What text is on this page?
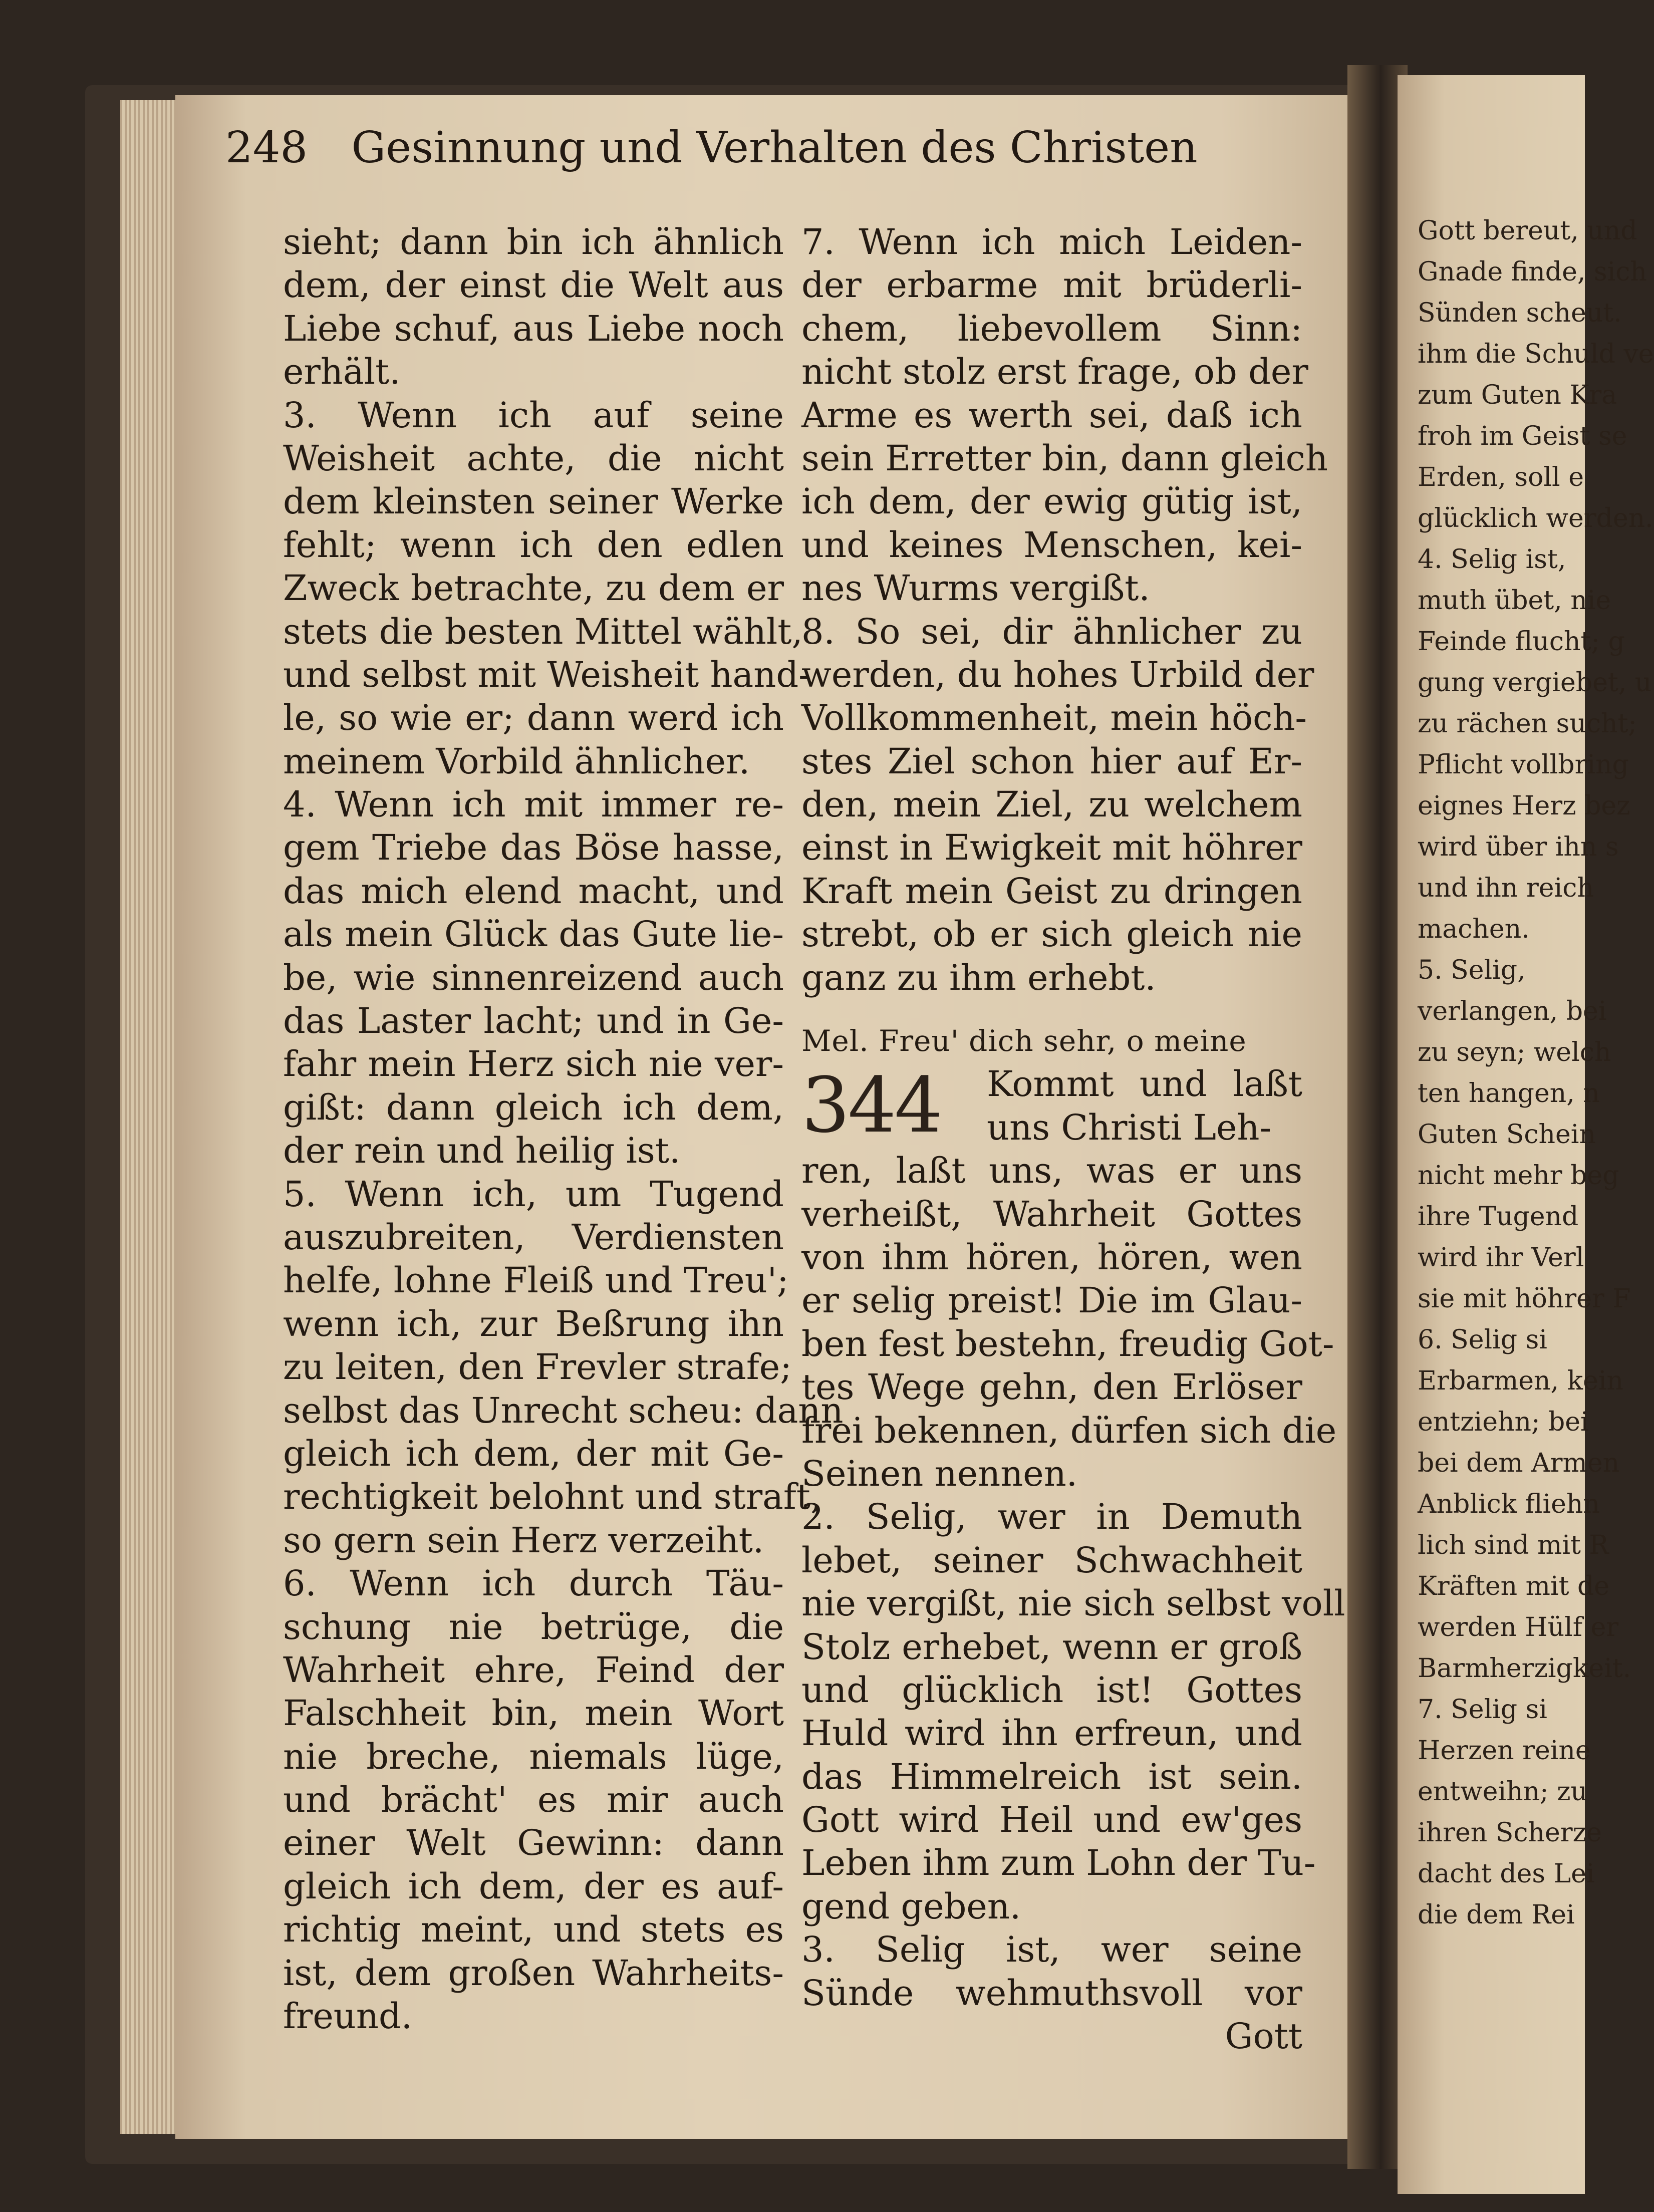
Gott bereut, und
Gnade finde, sich
Sünden scheut.
ihm die Schuld ve
zum Guten Kra
froh im Geist se
Erden, soll e
glücklich werden.
4. Selig ist,
muth übet, nie
Feinde flucht; g
gung vergiebet, u
zu rächen sucht;
Pflicht vollbring
eignes Herz bez
wird über ihn s
und ihn reich
machen.
5. Selig,
verlangen, bei
zu seyn; welch
ten hangen, n
Guten Schein
nicht mehr beg
ihre Tugend
wird ihr Verl
sie mit höhrer F
6. Selig si
Erbarmen, kein
entziehn; bei
bei dem Armen
Anblick fliehn
lich sind mit R
Kräften mit de
werden Hülf er
Barmherzigkeit.
7. Selig si
Herzen reine
entweihn; zu
ihren Scherze
dacht des Lei
die dem Rei
248 Gesinnung und Verhalten des Christen
sieht; dann bin ich ähnlich
dem, der einst die Welt aus
Liebe schuf, aus Liebe noch
erhält.
3. Wenn ich auf seine
Weisheit achte, die nicht
dem kleinsten seiner Werke
fehlt; wenn ich den edlen
Zweck betrachte, zu dem er
stets die besten Mittel wählt,
und selbst mit Weisheit hand-
le, so wie er; dann werd ich
meinem Vorbild ähnlicher.
4. Wenn ich mit immer re-
gem Triebe das Böse hasse,
das mich elend macht, und
als mein Glück das Gute lie-
be, wie sinnenreizend auch
das Laster lacht; und in Ge-
fahr mein Herz sich nie ver-
gißt: dann gleich ich dem,
der rein und heilig ist.
5. Wenn ich, um Tugend
auszubreiten, Verdiensten
helfe, lohne Fleiß und Treu';
wenn ich, zur Beßrung ihn
zu leiten, den Frevler strafe;
selbst das Unrecht scheu: dann
gleich ich dem, der mit Ge-
rechtigkeit belohnt und straft,
so gern sein Herz verzeiht.
6. Wenn ich durch Täu-
schung nie betrüge, die
Wahrheit ehre, Feind der
Falschheit bin, mein Wort
nie breche, niemals lüge,
und brächt' es mir auch
einer Welt Gewinn: dann
gleich ich dem, der es auf-
richtig meint, und stets es
ist, dem großen Wahrheits-
freund.
7. Wenn ich mich Leiden-
der erbarme mit brüderli-
chem, liebevollem Sinn:
nicht stolz erst frage, ob der
Arme es werth sei, daß ich
sein Erretter bin, dann gleich
ich dem, der ewig gütig ist,
und keines Menschen, kei-
nes Wurms vergißt.
8. So sei, dir ähnlicher zu
werden, du hohes Urbild der
Vollkommenheit, mein höch-
stes Ziel schon hier auf Er-
den, mein Ziel, zu welchem
einst in Ewigkeit mit höhrer
Kraft mein Geist zu dringen
strebt, ob er sich gleich nie
ganz zu ihm erhebt.
Mel. Freu' dich sehr, o meine
344	Kommt und laßt
uns Christi Leh-
ren, laßt uns, was er uns
verheißt, Wahrheit Gottes
von ihm hören, hören, wen
er selig preist! Die im Glau-
ben fest bestehn, freudig Got-
tes Wege gehn, den Erlöser
frei bekennen, dürfen sich die
Seinen nennen.
2. Selig, wer in Demuth
lebet, seiner Schwachheit
nie vergißt, nie sich selbst voll
Stolz erhebet, wenn er groß
und glücklich ist! Gottes
Huld wird ihn erfreun, und
das Himmelreich ist sein.
Gott wird Heil und ew'ges
Leben ihm zum Lohn der Tu-
gend geben.
3. Selig ist, wer seine
Sünde wehmuthsvoll vor
Gott
